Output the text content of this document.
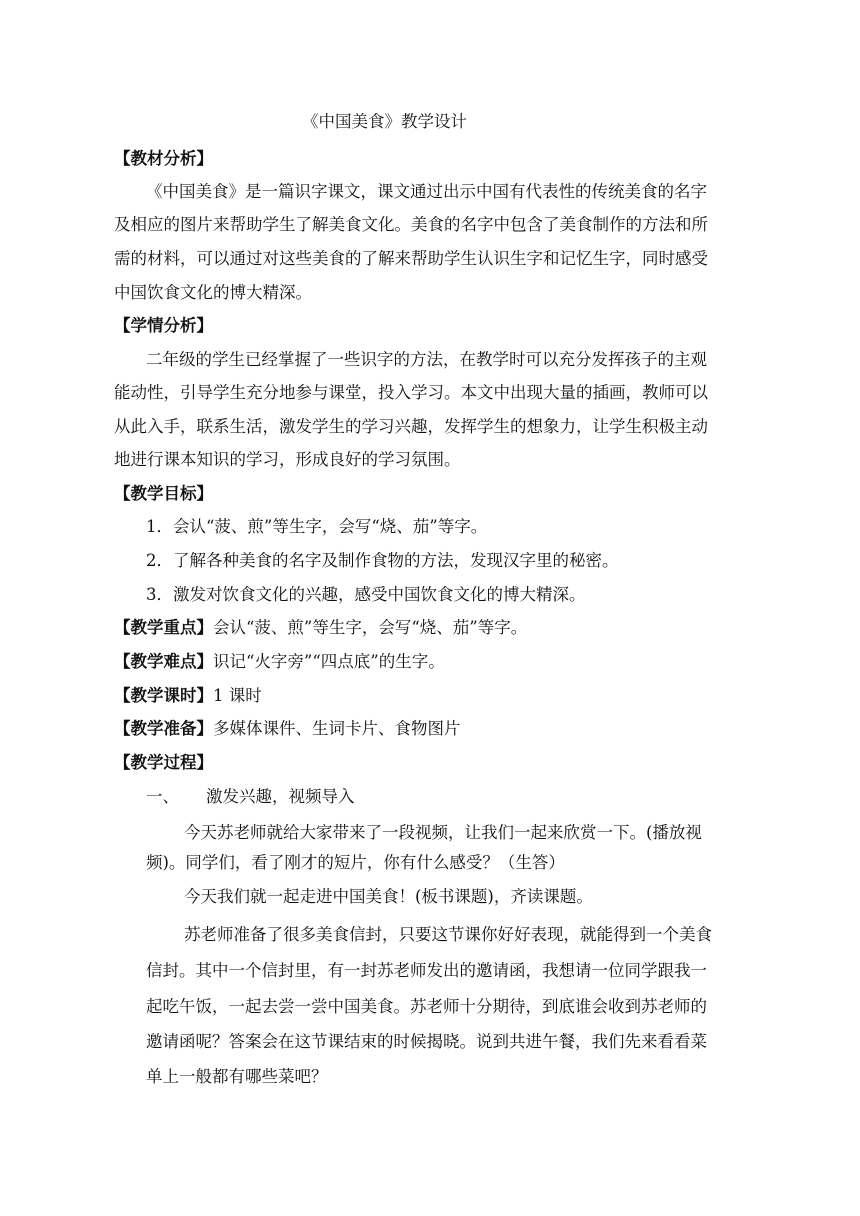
《中国美食》教学设计
【教材分析】
《中国美食》是一篇识字课文，课文通过出示中国有代表性的传统美食的名字
及相应的图片来帮助学生了解美食文化。美食的名字中包含了美食制作的方法和所
需的材料，可以通过对这些美食的了解来帮助学生认识生字和记忆生字，同时感受
中国饮食文化的博大精深。
【学情分析】
二年级的学生已经掌握了一些识字的方法，在教学时可以充分发挥孩子的主观
能动性，引导学生充分地参与课堂，投入学习。本文中出现大量的插画，教师可以
从此入手，联系生活，激发学生的学习兴趣，发挥学生的想象力，让学生积极主动
地进行课本知识的学习，形成良好的学习氛围。
【教学目标】
1．会认“菠、煎”等生字，会写“烧、茄”等字。
2．了解各种美食的名字及制作食物的方法，发现汉字里的秘密。
3．激发对饮食文化的兴趣，感受中国饮食文化的博大精深。
【教学重点】会认“菠、煎”等生字，会写“烧、茄”等字。
【教学难点】识记“火字旁”“四点底”的生字。
【教学课时】1 课时
【教学准备】多媒体课件、生词卡片、食物图片
【教学过程】
一、 激发兴趣，视频导入
今天苏老师就给大家带来了一段视频，让我们一起来欣赏一下。(播放视
频)。同学们，看了刚才的短片，你有什么感受？（生答）
今天我们就一起走进中国美食！(板书课题)，齐读课题。
苏老师准备了很多美食信封，只要这节课你好好表现，就能得到一个美食
信封。其中一个信封里，有一封苏老师发出的邀请函，我想请一位同学跟我一
起吃午饭，一起去尝一尝中国美食。苏老师十分期待，到底谁会收到苏老师的
邀请函呢？答案会在这节课结束的时候揭晓。说到共进午餐，我们先来看看菜
单上一般都有哪些菜吧？
